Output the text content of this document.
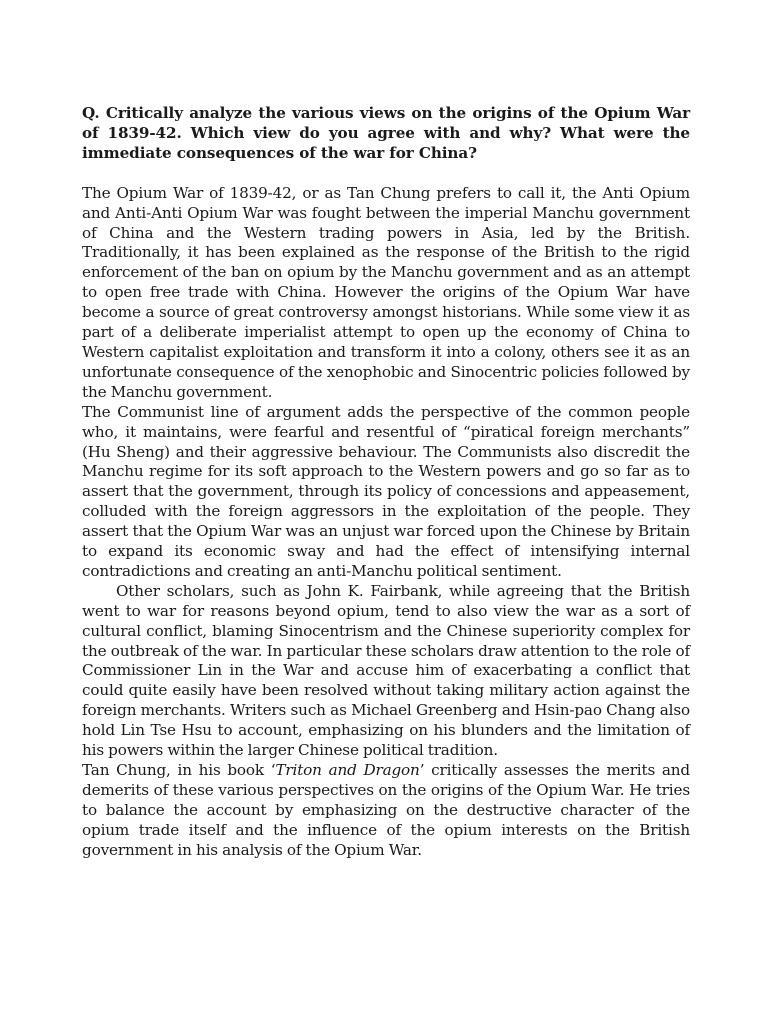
Q. Critically analyze the various views on the origins of the Opium War of 1839-42. Which view do you agree with and why? What were the immediate consequences of the war for China?

The Opium War of 1839-42, or as Tan Chung prefers to call it, the Anti Opium and Anti-Anti Opium War was fought between the imperial Manchu government of China and the Western trading powers in Asia, led by the British. Traditionally, it has been explained as the response of the British to the rigid enforcement of the ban on opium by the Manchu government and as an attempt to open free trade with China. However the origins of the Opium War have become a source of great controversy amongst historians. While some view it as part of a deliberate imperialist attempt to open up the economy of China to Western capitalist exploitation and transform it into a colony, others see it as an unfortunate consequence of the xenophobic and Sinocentric policies followed by the Manchu government.

The Communist line of argument adds the perspective of the common people who, it maintains, were fearful and resentful of “piratical foreign merchants” (Hu Sheng) and their aggressive behaviour. The Communists also discredit the Manchu regime for its soft approach to the Western powers and go so far as to assert that the government, through its policy of concessions and appeasement, colluded with the foreign aggressors in the exploitation of the people. They assert that the Opium War was an unjust war forced upon the Chinese by Britain to expand its economic sway and had the effect of intensifying internal contradictions and creating an anti-Manchu political sentiment.

Other scholars, such as John K. Fairbank, while agreeing that the British went to war for reasons beyond opium, tend to also view the war as a sort of cultural conflict, blaming Sinocentrism and the Chinese superiority complex for the outbreak of the war. In particular these scholars draw attention to the role of Commissioner Lin in the War and accuse him of exacerbating a conflict that could quite easily have been resolved without taking military action against the foreign merchants. Writers such as Michael Greenberg and Hsin-pao Chang also hold Lin Tse Hsu to account, emphasizing on his blunders and the limitation of his powers within the larger Chinese political tradition.

Tan Chung, in his book ‘Triton and Dragon’ critically assesses the merits and demerits of these various perspectives on the origins of the Opium War. He tries to balance the account by emphasizing on the destructive character of the opium trade itself and the influence of the opium interests on the British government in his analysis of the Opium War.
